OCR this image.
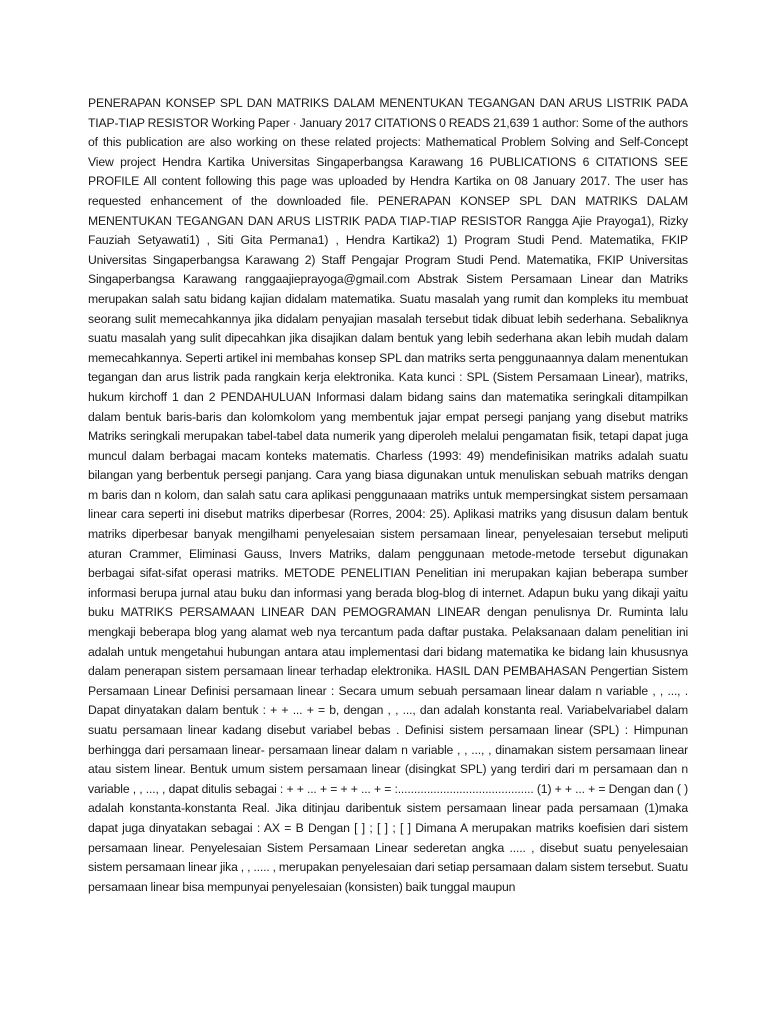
PENERAPAN KONSEP SPL DAN MATRIKS DALAM MENENTUKAN TEGANGAN DAN ARUS LISTRIK PADA TIAP-TIAP RESISTOR Working Paper · January 2017 CITATIONS 0 READS 21,639 1 author: Some of the authors of this publication are also working on these related projects: Mathematical Problem Solving and Self-Concept View project Hendra Kartika Universitas Singaperbangsa Karawang 16 PUBLICATIONS 6 CITATIONS SEE PROFILE All content following this page was uploaded by Hendra Kartika on 08 January 2017. The user has requested enhancement of the downloaded file. PENERAPAN KONSEP SPL DAN MATRIKS DALAM MENENTUKAN TEGANGAN DAN ARUS LISTRIK PADA TIAP-TIAP RESISTOR Rangga Ajie Prayoga1), Rizky Fauziah Setyawati1) , Siti Gita Permana1) , Hendra Kartika2) 1) Program Studi Pend. Matematika, FKIP Universitas Singaperbangsa Karawang 2) Staff Pengajar Program Studi Pend. Matematika, FKIP Universitas Singaperbangsa Karawang ranggaajieprayoga@gmail.com Abstrak Sistem Persamaan Linear dan Matriks merupakan salah satu bidang kajian didalam matematika. Suatu masalah yang rumit dan kompleks itu membuat seorang sulit memecahkannya jika didalam penyajian masalah tersebut tidak dibuat lebih sederhana. Sebaliknya suatu masalah yang sulit dipecahkan jika disajikan dalam bentuk yang lebih sederhana akan lebih mudah dalam memecahkannya. Seperti artikel ini membahas konsep SPL dan matriks serta penggunaannya dalam menentukan tegangan dan arus listrik pada rangkain kerja elektronika. Kata kunci : SPL (Sistem Persamaan Linear), matriks, hukum kirchoff 1 dan 2 PENDAHULUAN Informasi dalam bidang sains dan matematika seringkali ditampilkan dalam bentuk baris-baris dan kolomkolom yang membentuk jajar empat persegi panjang yang disebut matriks Matriks seringkali merupakan tabel-tabel data numerik yang diperoleh melalui pengamatan fisik, tetapi dapat juga muncul dalam berbagai macam konteks matematis. Charless (1993: 49) mendefinisikan matriks adalah suatu bilangan yang berbentuk persegi panjang. Cara yang biasa digunakan untuk menuliskan sebuah matriks dengan m baris dan n kolom, dan salah satu cara aplikasi penggunaaan matriks untuk mempersingkat sistem persamaan linear cara seperti ini disebut matriks diperbesar (Rorres, 2004: 25). Aplikasi matriks yang disusun dalam bentuk matriks diperbesar banyak mengilhami penyelesaian sistem persamaan linear, penyelesaian tersebut meliputi aturan Crammer, Eliminasi Gauss, Invers Matriks, dalam penggunaan metode-metode tersebut digunakan berbagai sifat-sifat operasi matriks. METODE PENELITIAN Penelitian ini merupakan kajian beberapa sumber informasi berupa jurnal atau buku dan informasi yang berada blog-blog di internet. Adapun buku yang dikaji yaitu buku MATRIKS PERSAMAAN LINEAR DAN PEMOGRAMAN LINEAR dengan penulisnya Dr. Ruminta lalu mengkaji beberapa blog yang alamat web nya tercantum pada daftar pustaka. Pelaksanaan dalam penelitian ini adalah untuk mengetahui hubungan antara atau implementasi dari bidang matematika ke bidang lain khususnya dalam penerapan sistem persamaan linear terhadap elektronika. HASIL DAN PEMBAHASAN Pengertian Sistem Persamaan Linear Definisi persamaan linear : Secara umum sebuah persamaan linear dalam n variable , , ..., . Dapat dinyatakan dalam bentuk : + + ... + = b, dengan , , ..., dan adalah konstanta real. Variabelvariabel dalam suatu persamaan linear kadang disebut variabel bebas . Definisi sistem persamaan linear (SPL) : Himpunan berhingga dari persamaan linear- persamaan linear dalam n variable , , ..., , dinamakan sistem persamaan linear atau sistem linear. Bentuk umum sistem persamaan linear (disingkat SPL) yang terdiri dari m persamaan dan n variable , , ..., , dapat ditulis sebagai : + + ... + = + + ... + = :.......................................... (1) + + ... + = Dengan dan ( ) adalah konstanta-konstanta Real. Jika ditinjau daribentuk sistem persamaan linear pada persamaan (1)maka dapat juga dinyatakan sebagai : AX = B Dengan [ ] ; [ ] ; [ ] Dimana A merupakan matriks koefisien dari sistem persamaan linear. Penyelesaian Sistem Persamaan Linear sederetan angka ..... , disebut suatu penyelesaian sistem persamaan linear jika , , ..... , merupakan penyelesaian dari setiap persamaan dalam sistem tersebut. Suatu persamaan linear bisa mempunyai penyelesaian (konsisten) baik tunggal maupun
